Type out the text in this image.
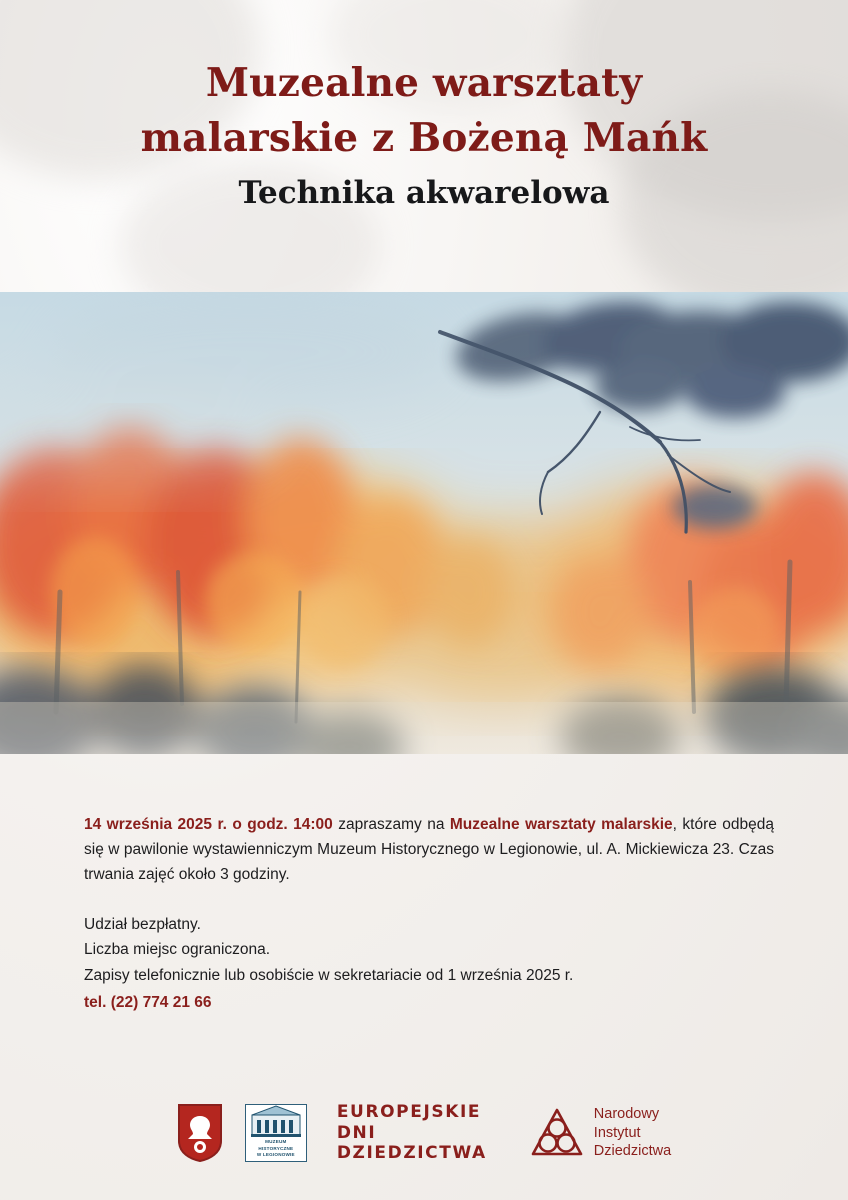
Muzealne warsztaty
malarskie z Bożeną Mańk
Technika akwarelowa

14 września 2025 r. o godz. 14:00 zapraszamy na Muzealne warsztaty malarskie, które odbędą się w pawilonie wystawienniczym Muzeum Historycznego w Legionowie, ul. A. Mickiewicza 23. Czas trwania zajęć około 3 godziny.

Udział bezpłatny.
Liczba miejsc ograniczona.
Zapisy telefonicznie lub osobiście w sekretariacie od 1 września 2025 r.
tel. (22) 774 21 66
MUZEUM
HISTORYCZNE
W LEGIONOWIE
EUROPEJSKIE
DNI
DZIEDZICTWA
Narodowy
Instytut
Dziedzictwa
